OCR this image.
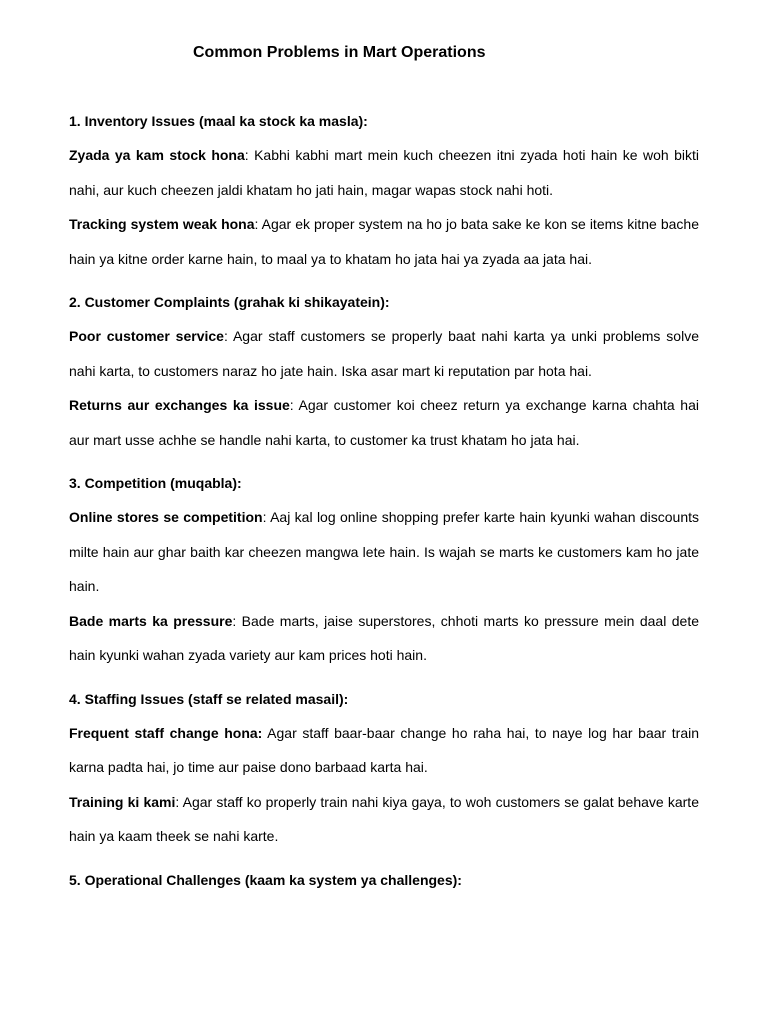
Common Problems in Mart Operations

1. Inventory Issues (maal ka stock ka masla):

Zyada ya kam stock hona: Kabhi kabhi mart mein kuch cheezen itni zyada hoti hain ke woh bikti nahi, aur kuch cheezen jaldi khatam ho jati hain, magar wapas stock nahi hoti.

Tracking system weak hona: Agar ek proper system na ho jo bata sake ke kon se items kitne bache hain ya kitne order karne hain, to maal ya to khatam ho jata hai ya zyada aa jata hai.

2. Customer Complaints (grahak ki shikayatein):

Poor customer service: Agar staff customers se properly baat nahi karta ya unki problems solve nahi karta, to customers naraz ho jate hain. Iska asar mart ki reputation par hota hai.

Returns aur exchanges ka issue: Agar customer koi cheez return ya exchange karna chahta hai aur mart usse achhe se handle nahi karta, to customer ka trust khatam ho jata hai.

3. Competition (muqabla):

Online stores se competition: Aaj kal log online shopping prefer karte hain kyunki wahan discounts milte hain aur ghar baith kar cheezen mangwa lete hain. Is wajah se marts ke customers kam ho jate hain.

Bade marts ka pressure: Bade marts, jaise superstores, chhoti marts ko pressure mein daal dete hain kyunki wahan zyada variety aur kam prices hoti hain.

4. Staffing Issues (staff se related masail):

Frequent staff change hona: Agar staff baar-baar change ho raha hai, to naye log har baar train karna padta hai, jo time aur paise dono barbaad karta hai.

Training ki kami: Agar staff ko properly train nahi kiya gaya, to woh customers se galat behave karte hain ya kaam theek se nahi karte.

5. Operational Challenges (kaam ka system ya challenges):
